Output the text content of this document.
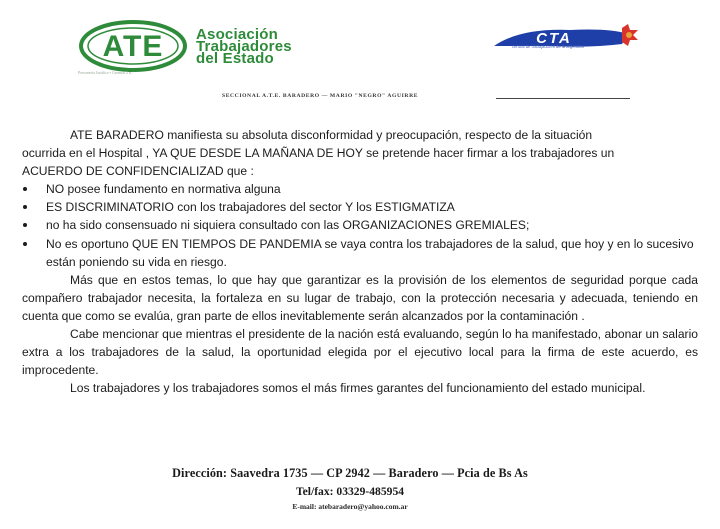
ATE Asociación
Trabajadores
del Estado
Personería Jurídica • Gremial 2 n.°
CTA
central de trabajadores de la argentina
SECCIONAL A.T.E. BARADERO — MARIO "NEGRO" AGUIRRE

ATE BARADERO manifiesta su absoluta disconformidad y preocupación, respecto de la situación
ocurrida en el Hospital , YA QUE DESDE LA MAÑANA DE HOY se pretende hacer firmar a los trabajadores un
ACUERDO DE CONFIDENCIALIZAD que :

NO posee fundamento en normativa alguna
ES DISCRIMINATORIO con los trabajadores del sector Y los ESTIGMATIZA
no ha sido consensuado ni siquiera consultado con las ORGANIZACIONES GREMIALES;
No es oportuno QUE EN TIEMPOS DE PANDEMIA se vaya contra los trabajadores de la salud, que hoy y en lo sucesivo están poniendo su vida en riesgo.

Más que en estos temas, lo que hay que garantizar es la provisión de los elementos de seguridad porque cada compañero trabajador necesita, la fortaleza en su lugar de trabajo, con la protección necesaria y adecuada, teniendo en cuenta que como se evalúa, gran parte de ellos inevitablemente serán alcanzados por la contaminación .

Cabe mencionar que mientras el presidente de la nación está evaluando, según lo ha manifestado, abonar un salario extra a los trabajadores de la salud, la oportunidad elegida por el ejecutivo local para la firma de este acuerdo, es improcedente.

Los trabajadores y los trabajadores somos el más firmes garantes del funcionamiento del estado municipal.

Dirección: Saavedra 1735 — CP 2942 — Baradero — Pcia de Bs As
Tel/fax: 03329-485954
E-mail: atebaradero@yahoo.com.ar
